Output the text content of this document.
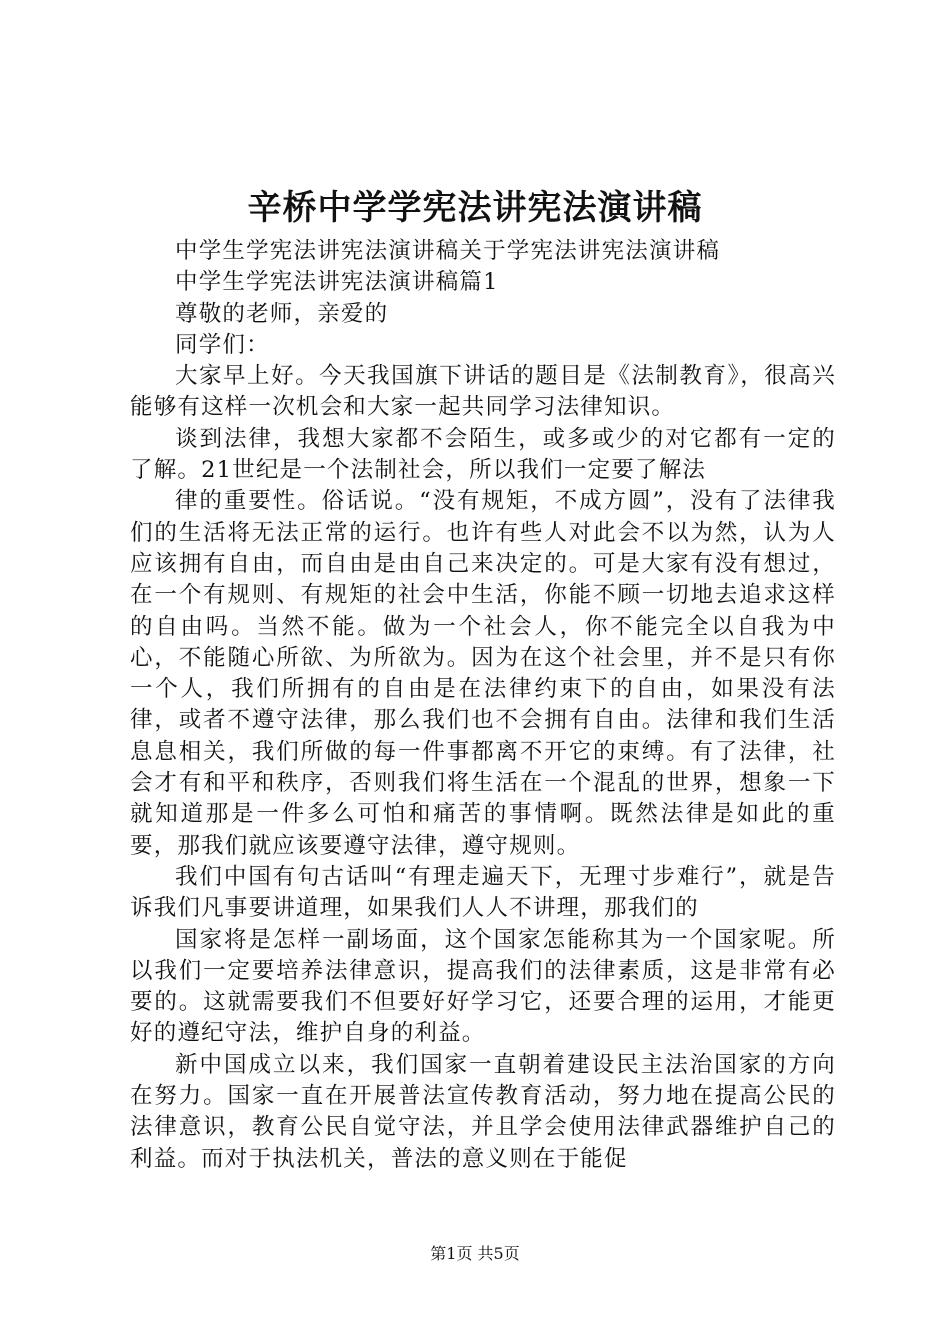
辛桥中学学宪法讲宪法演讲稿

中学生学宪法讲宪法演讲稿关于学宪法讲宪法演讲稿

中学生学宪法讲宪法演讲稿篇1

尊敬的老师，亲爱的

同学们：

大家早上好。今天我国旗下讲话的题目是《法制教育》，很高兴能够有这样一次机会和大家一起共同学习法律知识。

谈到法律，我想大家都不会陌生，或多或少的对它都有一定的了解。21世纪是一个法制社会，所以我们一定要了解法

律的重要性。俗话说。“没有规矩，不成方圆”，没有了法律我们的生活将无法正常的运行。也许有些人对此会不以为然，认为人应该拥有自由，而自由是由自己来决定的。可是大家有没有想过，在一个有规则、有规矩的社会中生活，你能不顾一切地去追求这样的自由吗。当然不能。做为一个社会人，你不能完全以自我为中心，不能随心所欲、为所欲为。因为在这个社会里，并不是只有你一个人，我们所拥有的自由是在法律约束下的自由，如果没有法律，或者不遵守法律，那么我们也不会拥有自由。法律和我们生活息息相关，我们所做的每一件事都离不开它的束缚。有了法律，社会才有和平和秩序，否则我们将生活在一个混乱的世界，想象一下就知道那是一件多么可怕和痛苦的事情啊。既然法律是如此的重要，那我们就应该要遵守法律，遵守规则。

我们中国有句古话叫“有理走遍天下，无理寸步难行”，就是告诉我们凡事要讲道理，如果我们人人不讲理，那我们的

国家将是怎样一副场面，这个国家怎能称其为一个国家呢。所以我们一定要培养法律意识，提高我们的法律素质，这是非常有必要的。这就需要我们不但要好好学习它，还要合理的运用，才能更好的遵纪守法，维护自身的利益。

新中国成立以来，我们国家一直朝着建设民主法治国家的方向在努力。国家一直在开展普法宣传教育活动，努力地在提高公民的法律意识，教育公民自觉守法，并且学会使用法律武器维护自己的利益。而对于执法机关，普法的意义则在于能促

第1页 共5页
